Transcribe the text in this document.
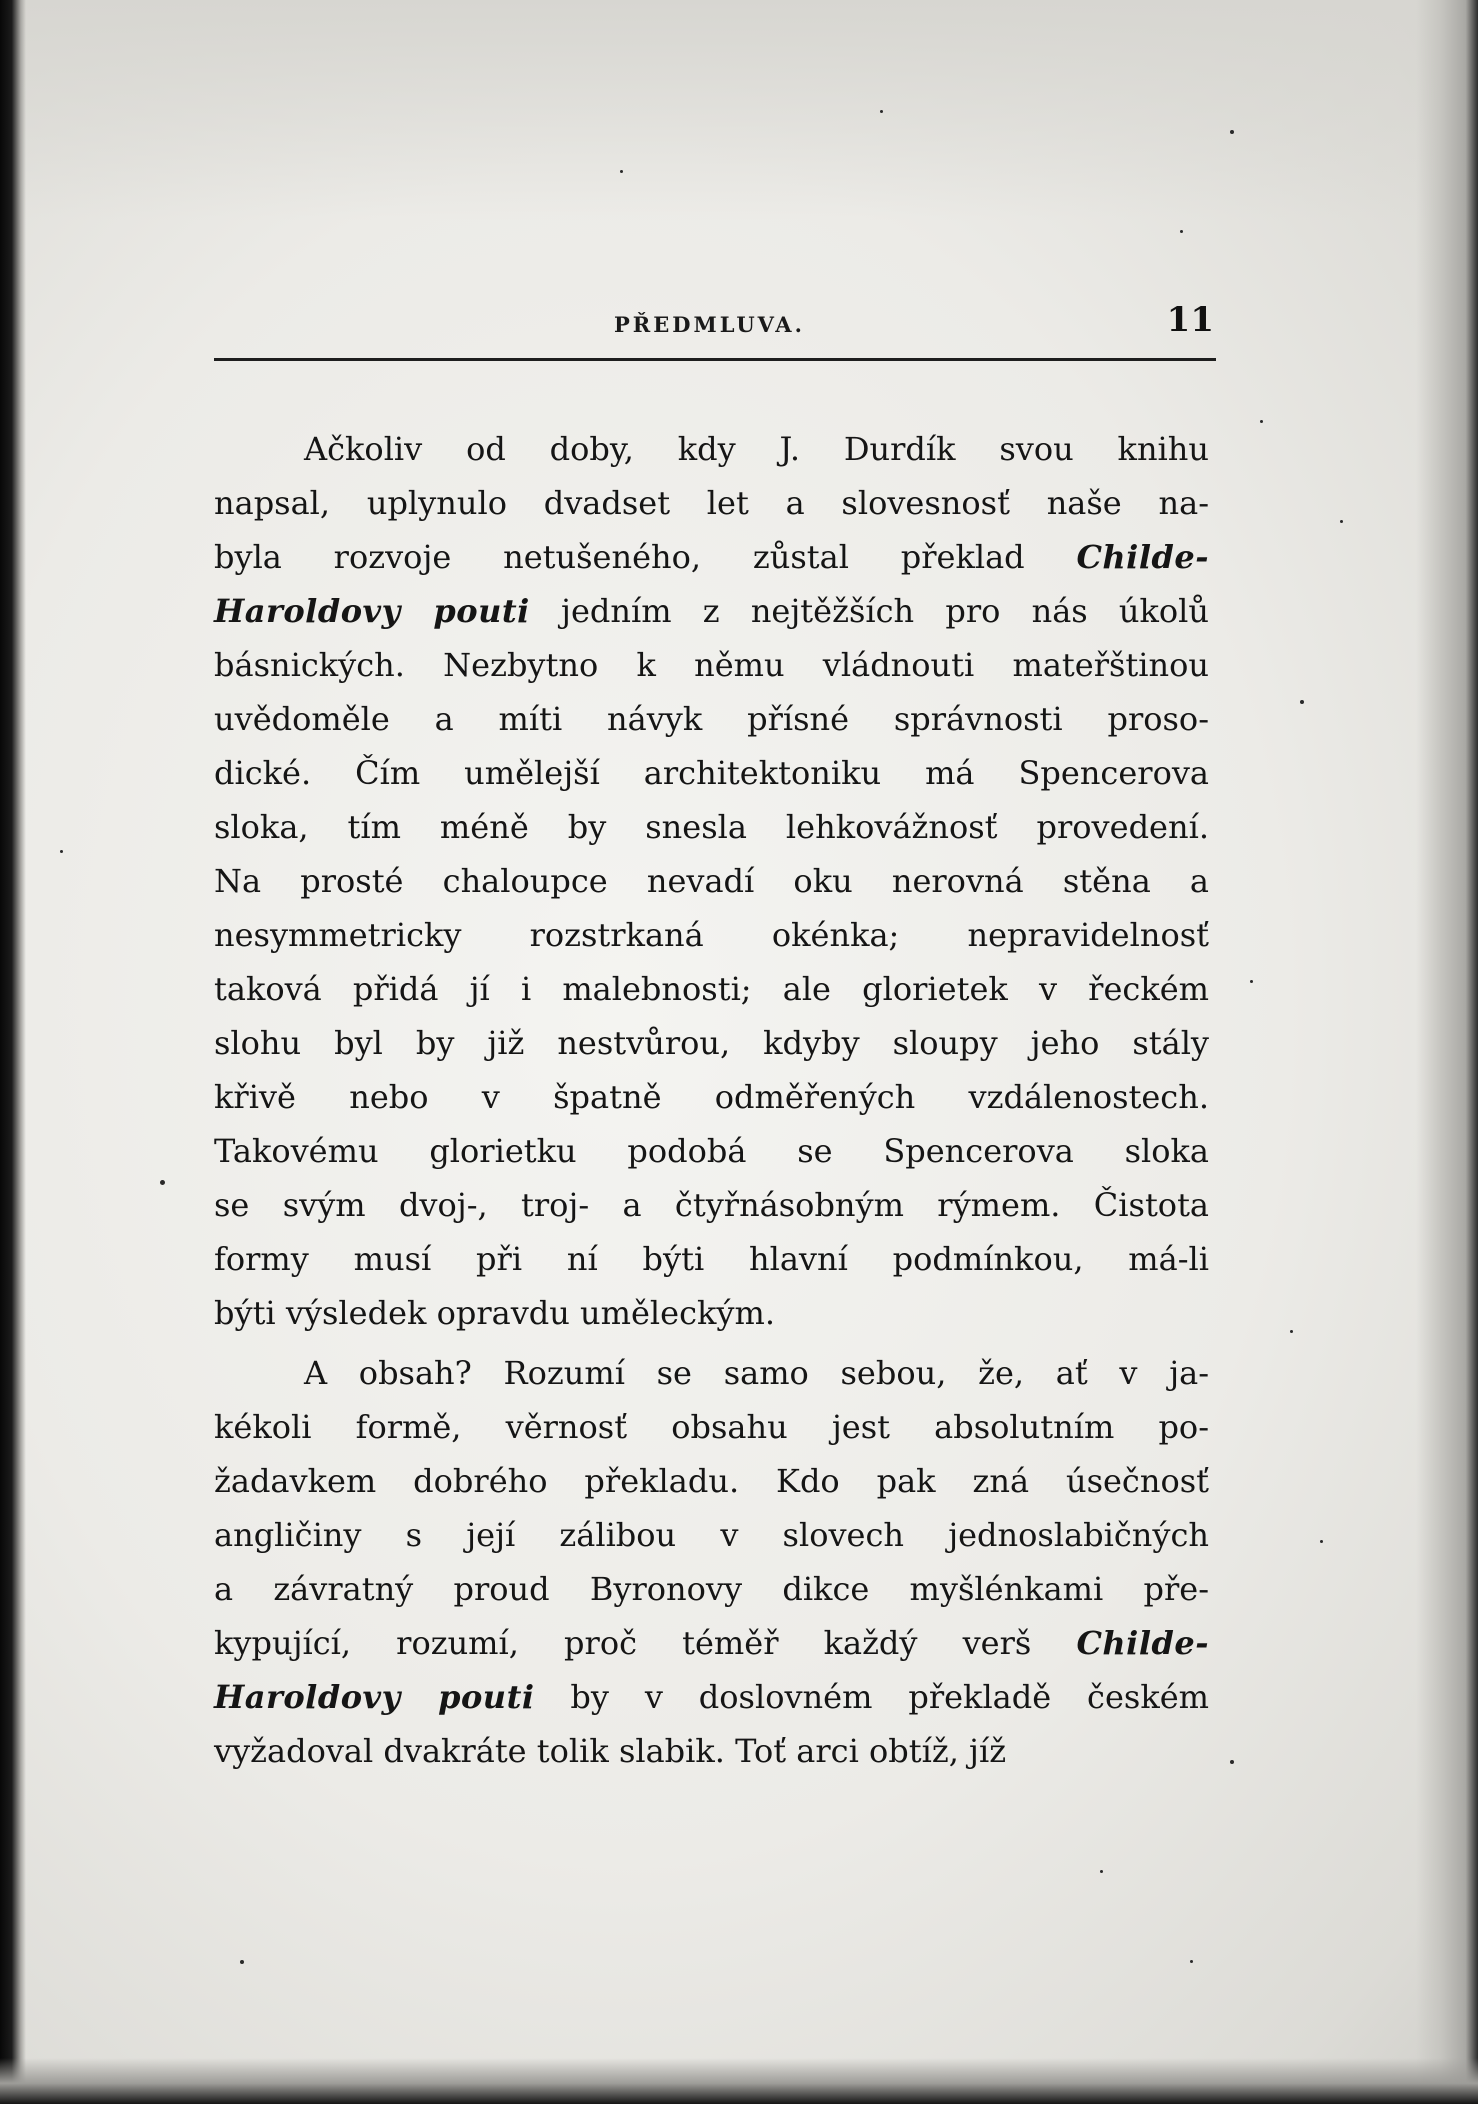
PŘEDMLUVA.	11
Ačkoliv od doby, kdy J. Durdík svou knihu
napsal, uplynulo dvadset let a slovesnosť naše na-
byla rozvoje netušeného, zůstal překlad Childe-
Haroldovy pouti jedním z nejtěžších pro nás úkolů
básnických. Nezbytno k němu vládnouti mateřštinou
uvědoměle a míti návyk přísné správnosti proso-
dické. Čím umělejší architektoniku má Spencerova
sloka, tím méně by snesla lehkovážnosť provedení.
Na prosté chaloupce nevadí oku nerovná stěna a
nesymmetricky rozstrkaná okénka; nepravidelnosť
taková přidá jí i malebnosti; ale glorietek v řeckém
slohu byl by již nestvůrou, kdyby sloupy jeho stály
křivě nebo v špatně odměřených vzdálenostech.
Takovému glorietku podobá se Spencerova sloka
se svým dvoj-, troj- a čtyřnásobným rýmem. Čistota
formy musí při ní býti hlavní podmínkou, má-li
býti výsledek opravdu uměleckým.
A obsah? Rozumí se samo sebou, že, ať v ja-
kékoli formě, věrnosť obsahu jest absolutním po-
žadavkem dobrého překladu. Kdo pak zná úsečnosť
angličiny s její zálibou v slovech jednoslabičných
a závratný proud Byronovy dikce myšlénkami pře-
kypující, rozumí, proč téměř každý verš Childe-
Haroldovy pouti by v doslovném překladě českém
vyžadoval dvakráte tolik slabik. Toť arci obtíž, jíž
